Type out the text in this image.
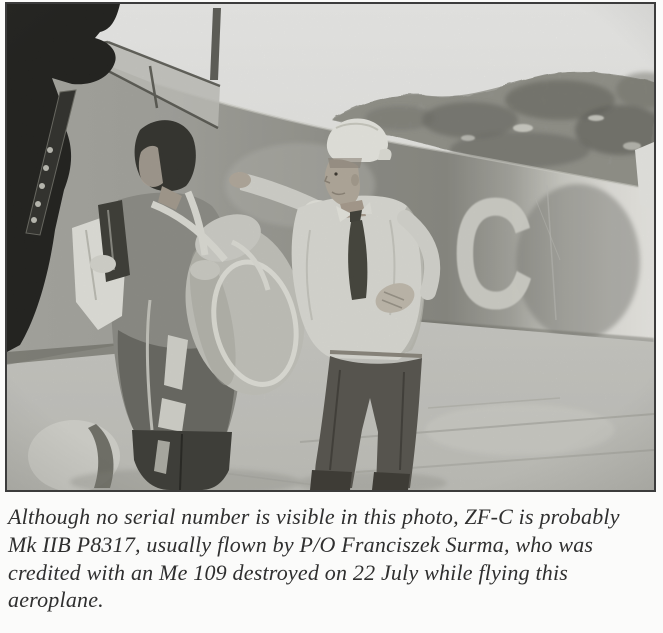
Although no serial number is visible in this photo, ZF-C is probably
Mk IIB P8317, usually flown by P/O Franciszek Surma, who was
credited with an Me 109 destroyed on 22 July while flying this
aeroplane.
